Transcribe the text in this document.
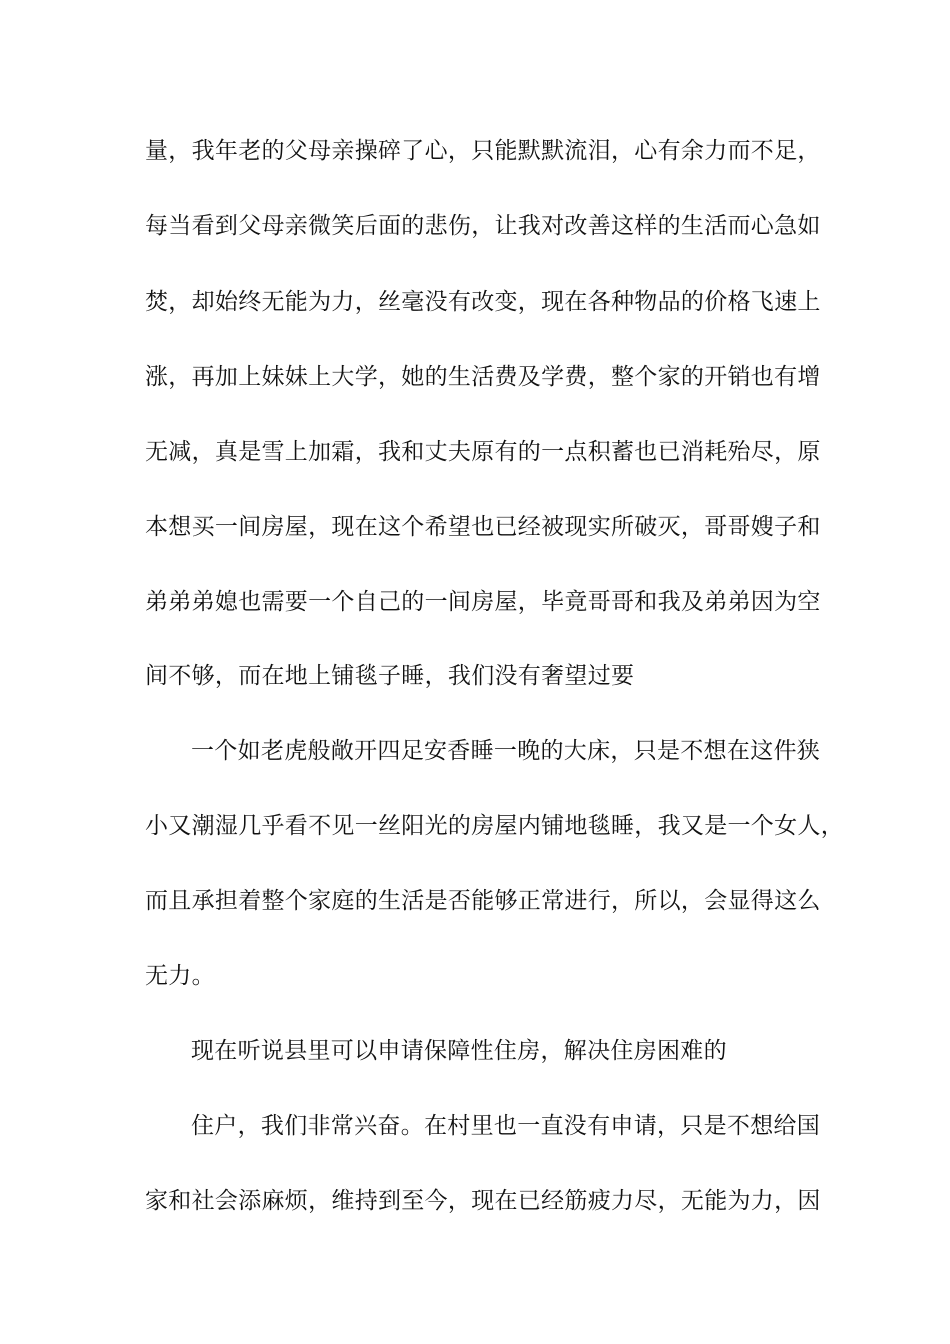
量，我年老的父母亲操碎了心，只能默默流泪，心有余力而不足，
每当看到父母亲微笑后面的悲伤，让我对改善这样的生活而心急如
焚，却始终无能为力，丝毫没有改变，现在各种物品的价格飞速上
涨，再加上妹妹上大学，她的生活费及学费，整个家的开销也有增
无减，真是雪上加霜，我和丈夫原有的一点积蓄也已消耗殆尽，原
本想买一间房屋，现在这个希望也已经被现实所破灭，哥哥嫂子和
弟弟弟媳也需要一个自己的一间房屋，毕竟哥哥和我及弟弟因为空
间不够，而在地上铺毯子睡，我们没有奢望过要
一个如老虎般敞开四足安香睡一晚的大床，只是不想在这件狭
小又潮湿几乎看不见一丝阳光的房屋内铺地毯睡，我又是一个女人，
而且承担着整个家庭的生活是否能够正常进行，所以，会显得这么
无力。
现在听说县里可以申请保障性住房，解决住房困难的
住户，我们非常兴奋。在村里也一直没有申请，只是不想给国
家和社会添麻烦，维持到至今，现在已经筋疲力尽，无能为力，因
